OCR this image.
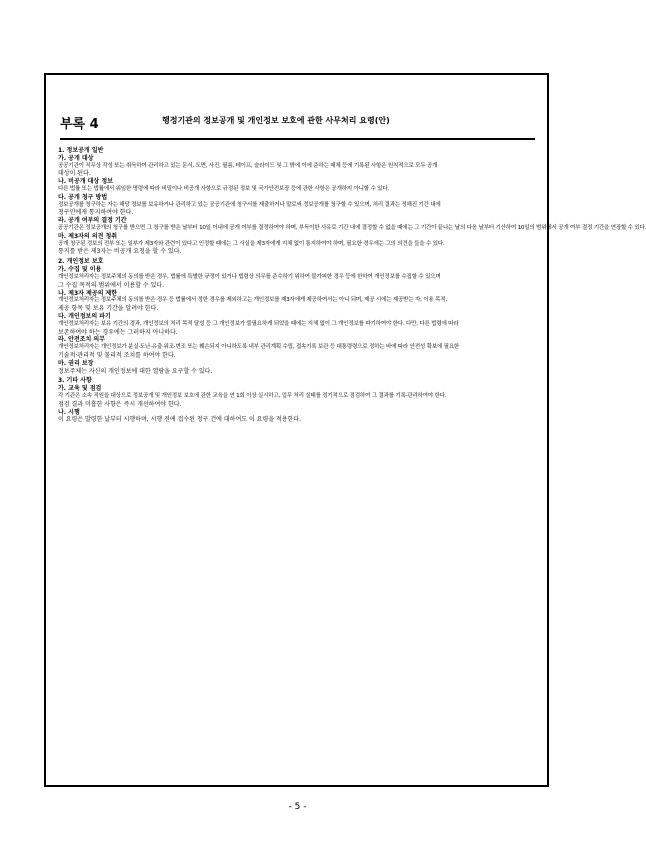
부록 4	행정기관의 정보공개 및 개인정보 보호에 관한 사무처리 요령(안)

1. 정보공개 일반

가. 공개 대상

공공기관이 직무상 작성 또는 취득하여 관리하고 있는 문서, 도면, 사진, 필름, 테이프, 슬라이드 및 그 밖에 이에 준하는 매체 등에 기록된 사항은 원칙적으로 모두 공개

대상이 된다.

나. 비공개 대상 정보

다른 법률 또는 법률에서 위임한 명령에 따라 비밀이나 비공개 사항으로 규정된 정보 및 국가안전보장 등에 관한 사항은 공개하지 아니할 수 있다.

다. 공개 청구 방법

정보공개를 청구하는 자는 해당 정보를 보유하거나 관리하고 있는 공공기관에 청구서를 제출하거나 말로써 정보공개를 청구할 수 있으며, 처리 결과는 정해진 기간 내에

청구인에게 통지하여야 한다.

라. 공개 여부의 결정 기간

공공기관은 정보공개의 청구를 받으면 그 청구를 받은 날부터 10일 이내에 공개 여부를 결정하여야 하며, 부득이한 사유로 기간 내에 결정할 수 없을 때에는 그 기간이 끝나는 날의 다음 날부터 기산하여 10일의 범위에서 공개 여부 결정 기간을 연장할 수 있다.

마. 제3자의 의견 청취

공개 청구된 정보의 전부 또는 일부가 제3자와 관련이 있다고 인정할 때에는 그 사실을 제3자에게 지체 없이 통지하여야 하며, 필요한 경우에는 그의 의견을 들을 수 있다.

통지를 받은 제3자는 비공개 요청을 할 수 있다.

2. 개인정보 보호

가. 수집 및 이용

개인정보처리자는 정보주체의 동의를 받은 경우, 법률에 특별한 규정이 있거나 법령상 의무를 준수하기 위하여 불가피한 경우 등에 한하여 개인정보를 수집할 수 있으며

그 수집 목적의 범위에서 이용할 수 있다.

나. 제3자 제공의 제한

개인정보처리자는 정보주체의 동의를 받은 경우 등 법률에서 정한 경우를 제외하고는 개인정보를 제3자에게 제공하여서는 아니 되며, 제공 시에는 제공받는 자, 이용 목적,

제공 항목 및 보유 기간을 알려야 한다.

다. 개인정보의 파기

개인정보처리자는 보유 기간의 경과, 개인정보의 처리 목적 달성 등 그 개인정보가 불필요하게 되었을 때에는 지체 없이 그 개인정보를 파기하여야 한다. 다만, 다른 법령에 따라

보존하여야 하는 경우에는 그러하지 아니하다.

라. 안전조치 의무

개인정보처리자는 개인정보가 분실·도난·유출·위조·변조 또는 훼손되지 아니하도록 내부 관리계획 수립, 접속기록 보관 등 대통령령으로 정하는 바에 따라 안전성 확보에 필요한

기술적·관리적 및 물리적 조치를 하여야 한다.

마. 권리 보장

정보주체는 자신의 개인정보에 대한 열람을 요구할 수 있다.

3. 기타 사항

가. 교육 및 점검

각 기관은 소속 직원을 대상으로 정보공개 및 개인정보 보호에 관한 교육을 연 1회 이상 실시하고, 업무 처리 실태를 정기적으로 점검하여 그 결과를 기록·관리하여야 한다.

점검 결과 미흡한 사항은 즉시 개선하여야 한다.

나. 시행

이 요령은 발령한 날부터 시행하며, 시행 전에 접수된 청구 건에 대하여도 이 요령을 적용한다.

- 5 -
